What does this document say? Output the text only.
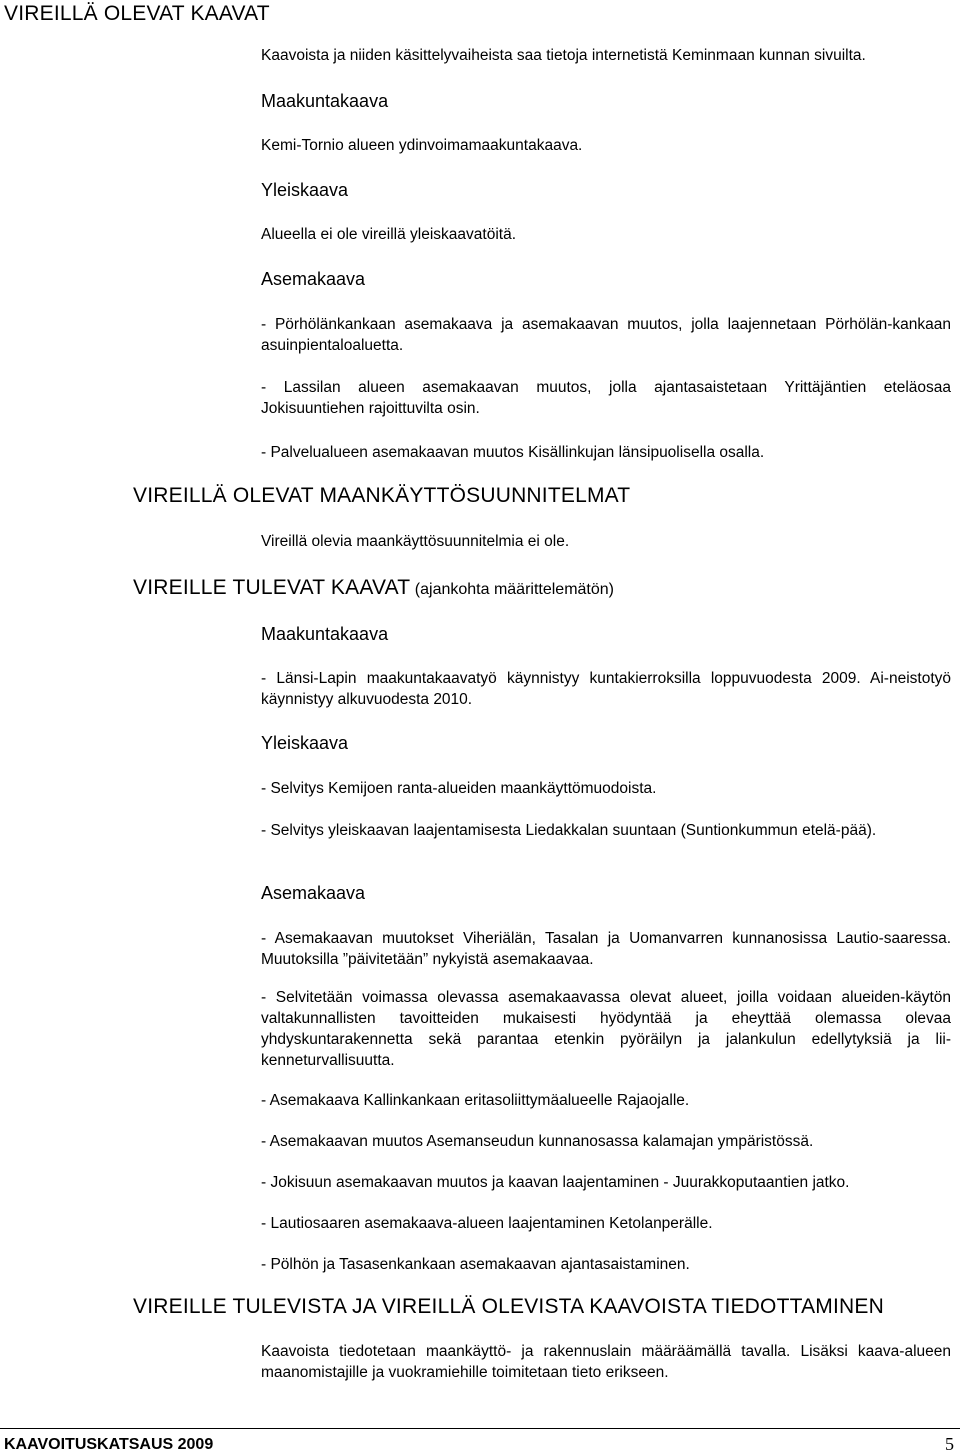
VIREILLÄ OLEVAT KAAVAT
Kaavoista ja niiden käsittelyvaiheista saa tietoja internetistä Keminmaan kunnan sivuilta.
Maakuntakaava
Kemi-Tornio alueen ydinvoimamaakuntakaava.
Yleiskaava
Alueella ei ole vireillä yleiskaavatöitä.
Asemakaava
- Pörhölänkankaan asemakaava ja asemakaavan muutos, jolla laajennetaan Pörhölän-kankaan asuinpientaloaluetta.
- Lassilan alueen asemakaavan muutos, jolla ajantasaistetaan Yrittäjäntien eteläosaa Jokisuuntiehen rajoittuvilta osin.
- Palvelualueen asemakaavan muutos Kisällinkujan länsipuolisella osalla.
VIREILLÄ OLEVAT MAANKÄYTTÖSUUNNITELMAT
Vireillä olevia maankäyttösuunnitelmia ei ole.
VIREILLE TULEVAT KAAVAT (ajankohta määrittelemätön)
Maakuntakaava
- Länsi-Lapin maakuntakaavatyö käynnistyy kuntakierroksilla loppuvuodesta 2009. Ai-neistotyö käynnistyy alkuvuodesta 2010.
Yleiskaava
- Selvitys Kemijoen ranta-alueiden maankäyttömuodoista.
- Selvitys yleiskaavan laajentamisesta Liedakkalan suuntaan (Suntionkummun etelä-pää).
Asemakaava
- Asemakaavan muutokset Viheriälän, Tasalan ja Uomanvarren kunnanosissa Lautio-saaressa. Muutoksilla ”päivitetään” nykyistä asemakaavaa.
- Selvitetään voimassa olevassa asemakaavassa olevat alueet, joilla voidaan alueiden-käytön valtakunnallisten tavoitteiden mukaisesti hyödyntää ja eheyttää olemassa olevaa yhdyskuntarakennetta sekä parantaa etenkin pyöräilyn ja jalankulun edellytyksiä ja lii-kenneturvallisuutta.
- Asemakaava Kallinkankaan eritasoliittymäalueelle Rajaojalle.
- Asemakaavan muutos Asemanseudun kunnanosassa kalamajan ympäristössä.
- Jokisuun asemakaavan muutos ja kaavan laajentaminen - Juurakkoputaantien jatko.
- Lautiosaaren asemakaava-alueen laajentaminen Ketolanperälle.
- Pölhön ja Tasasenkankaan asemakaavan ajantasaistaminen.
VIREILLE TULEVISTA JA VIREILLÄ OLEVISTA KAAVOISTA TIEDOTTAMINEN
Kaavoista tiedotetaan maankäyttö- ja rakennuslain määräämällä tavalla. Lisäksi kaava-alueen maanomistajille ja vuokramiehille toimitetaan tieto erikseen.
KAAVOITUSKATSAUS 2009	5
